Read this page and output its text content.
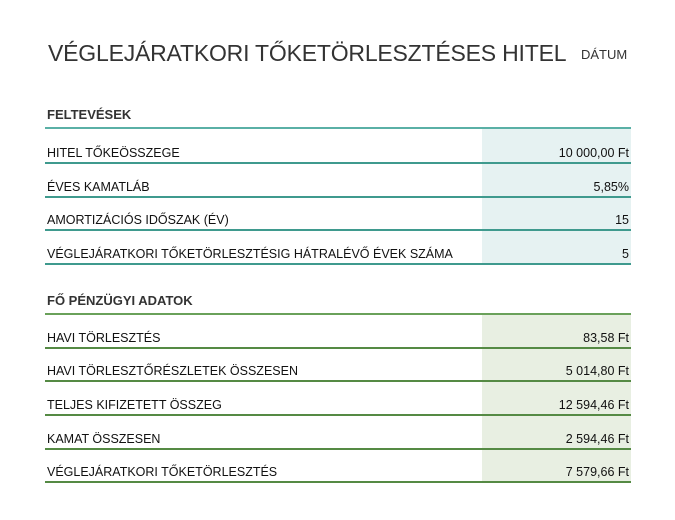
VÉGLEJÁRATKORI TŐKETÖRLESZTÉSES HITEL DÁTUM
FELTEVÉSEK
HITEL TŐKEÖSSZEGE	10 000,00 Ft
ÉVES KAMATLÁB	5,85%
AMORTIZÁCIÓS IDŐSZAK (ÉV)	15
VÉGLEJÁRATKORI TŐKETÖRLESZTÉSIG HÁTRALÉVŐ ÉVEK SZÁMA	5
FŐ PÉNZÜGYI ADATOK
HAVI TÖRLESZTÉS	83,58 Ft
HAVI TÖRLESZTŐRÉSZLETEK ÖSSZESEN	5 014,80 Ft
TELJES KIFIZETETT ÖSSZEG	12 594,46 Ft
KAMAT ÖSSZESEN	2 594,46 Ft
VÉGLEJÁRATKORI TŐKETÖRLESZTÉS	7 579,66 Ft
